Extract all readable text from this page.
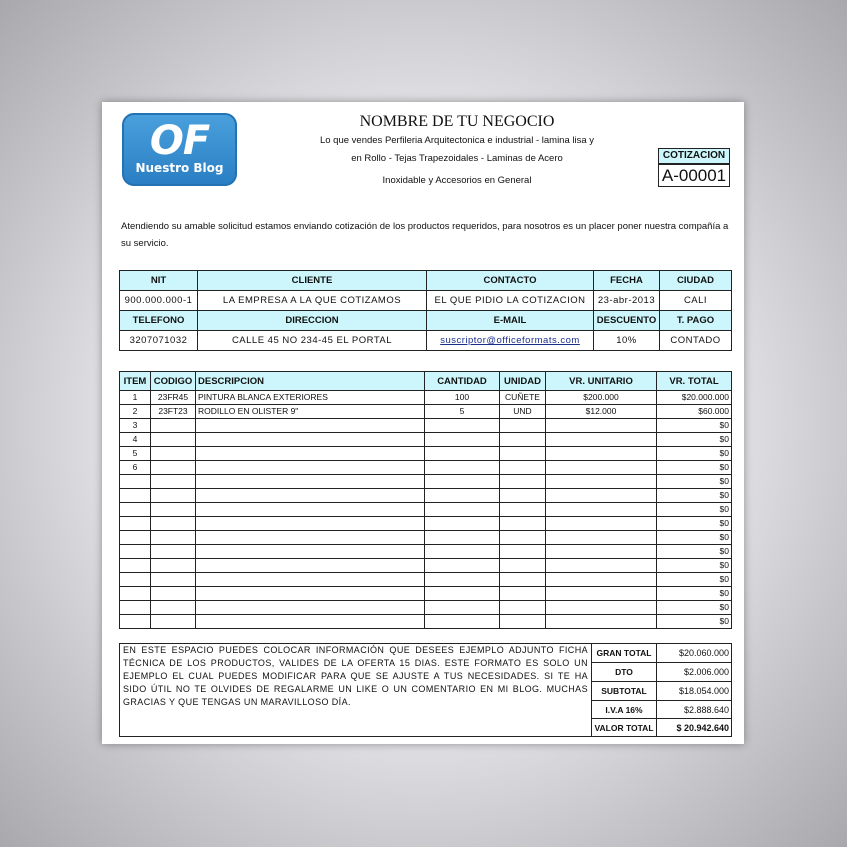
OF
Nuestro Blog
NOMBRE DE TU NEGOCIO
Lo que vendes Perfileria Arquitectonica e industrial - lamina lisa y
en Rollo - Tejas Trapezoidales - Laminas de Acero
Inoxidable y Accesorios en General
COTIZACION
A-00001
Atendiendo su amable solicitud estamos enviando cotización de los productos requeridos, para nosotros es un placer poner nuestra compañía a su servicio.
NIT	CLIENTE	CONTACTO	FECHA	CIUDAD
900.000.000-1	LA EMPRESA A LA QUE COTIZAMOS	EL QUE PIDIO LA COTIZACION	23-abr-2013	CALI
TELEFONO	DIRECCION	E-MAIL	DESCUENTO	T. PAGO
3207071032	CALLE 45 NO 234-45 EL PORTAL	suscriptor@officeformats.com	10%	CONTADO
ITEM	CODIGO	DESCRIPCION	CANTIDAD	UNIDAD	VR. UNITARIO	VR. TOTAL
1	23FR45	PINTURA BLANCA EXTERIORES	100	CUÑETE	$200.000	$20.000.000
2	23FT23	RODILLO EN OLISTER 9"	5	UND	$12.000	$60.000
3						$0
4						$0
5						$0
6						$0
						$0
						$0
						$0
						$0
						$0
						$0
						$0
						$0
						$0
						$0
						$0
EN ESTE ESPACIO PUEDES COLOCAR INFORMACIÓN QUE DESEES EJEMPLO ADJUNTO FICHA TÉCNICA DE LOS PRODUCTOS, VALIDES DE LA OFERTA 15 DIAS. ESTE FORMATO ES SOLO UN EJEMPLO EL CUAL PUEDES MODIFICAR PARA QUE SE AJUSTE A TUS NECESIDADES. SI TE HA SIDO ÚTIL NO TE OLVIDES DE REGALARME UN LIKE O UN COMENTARIO EN MI BLOG. MUCHAS GRACIAS Y QUE TENGAS UN MARAVILLOSO DÍA.	GRAN TOTAL	$20.060.000
	DTO	$2.006.000
	SUBTOTAL	$18.054.000
	I.V.A 16%	$2.888.640
	VALOR TOTAL	$ 20.942.640
